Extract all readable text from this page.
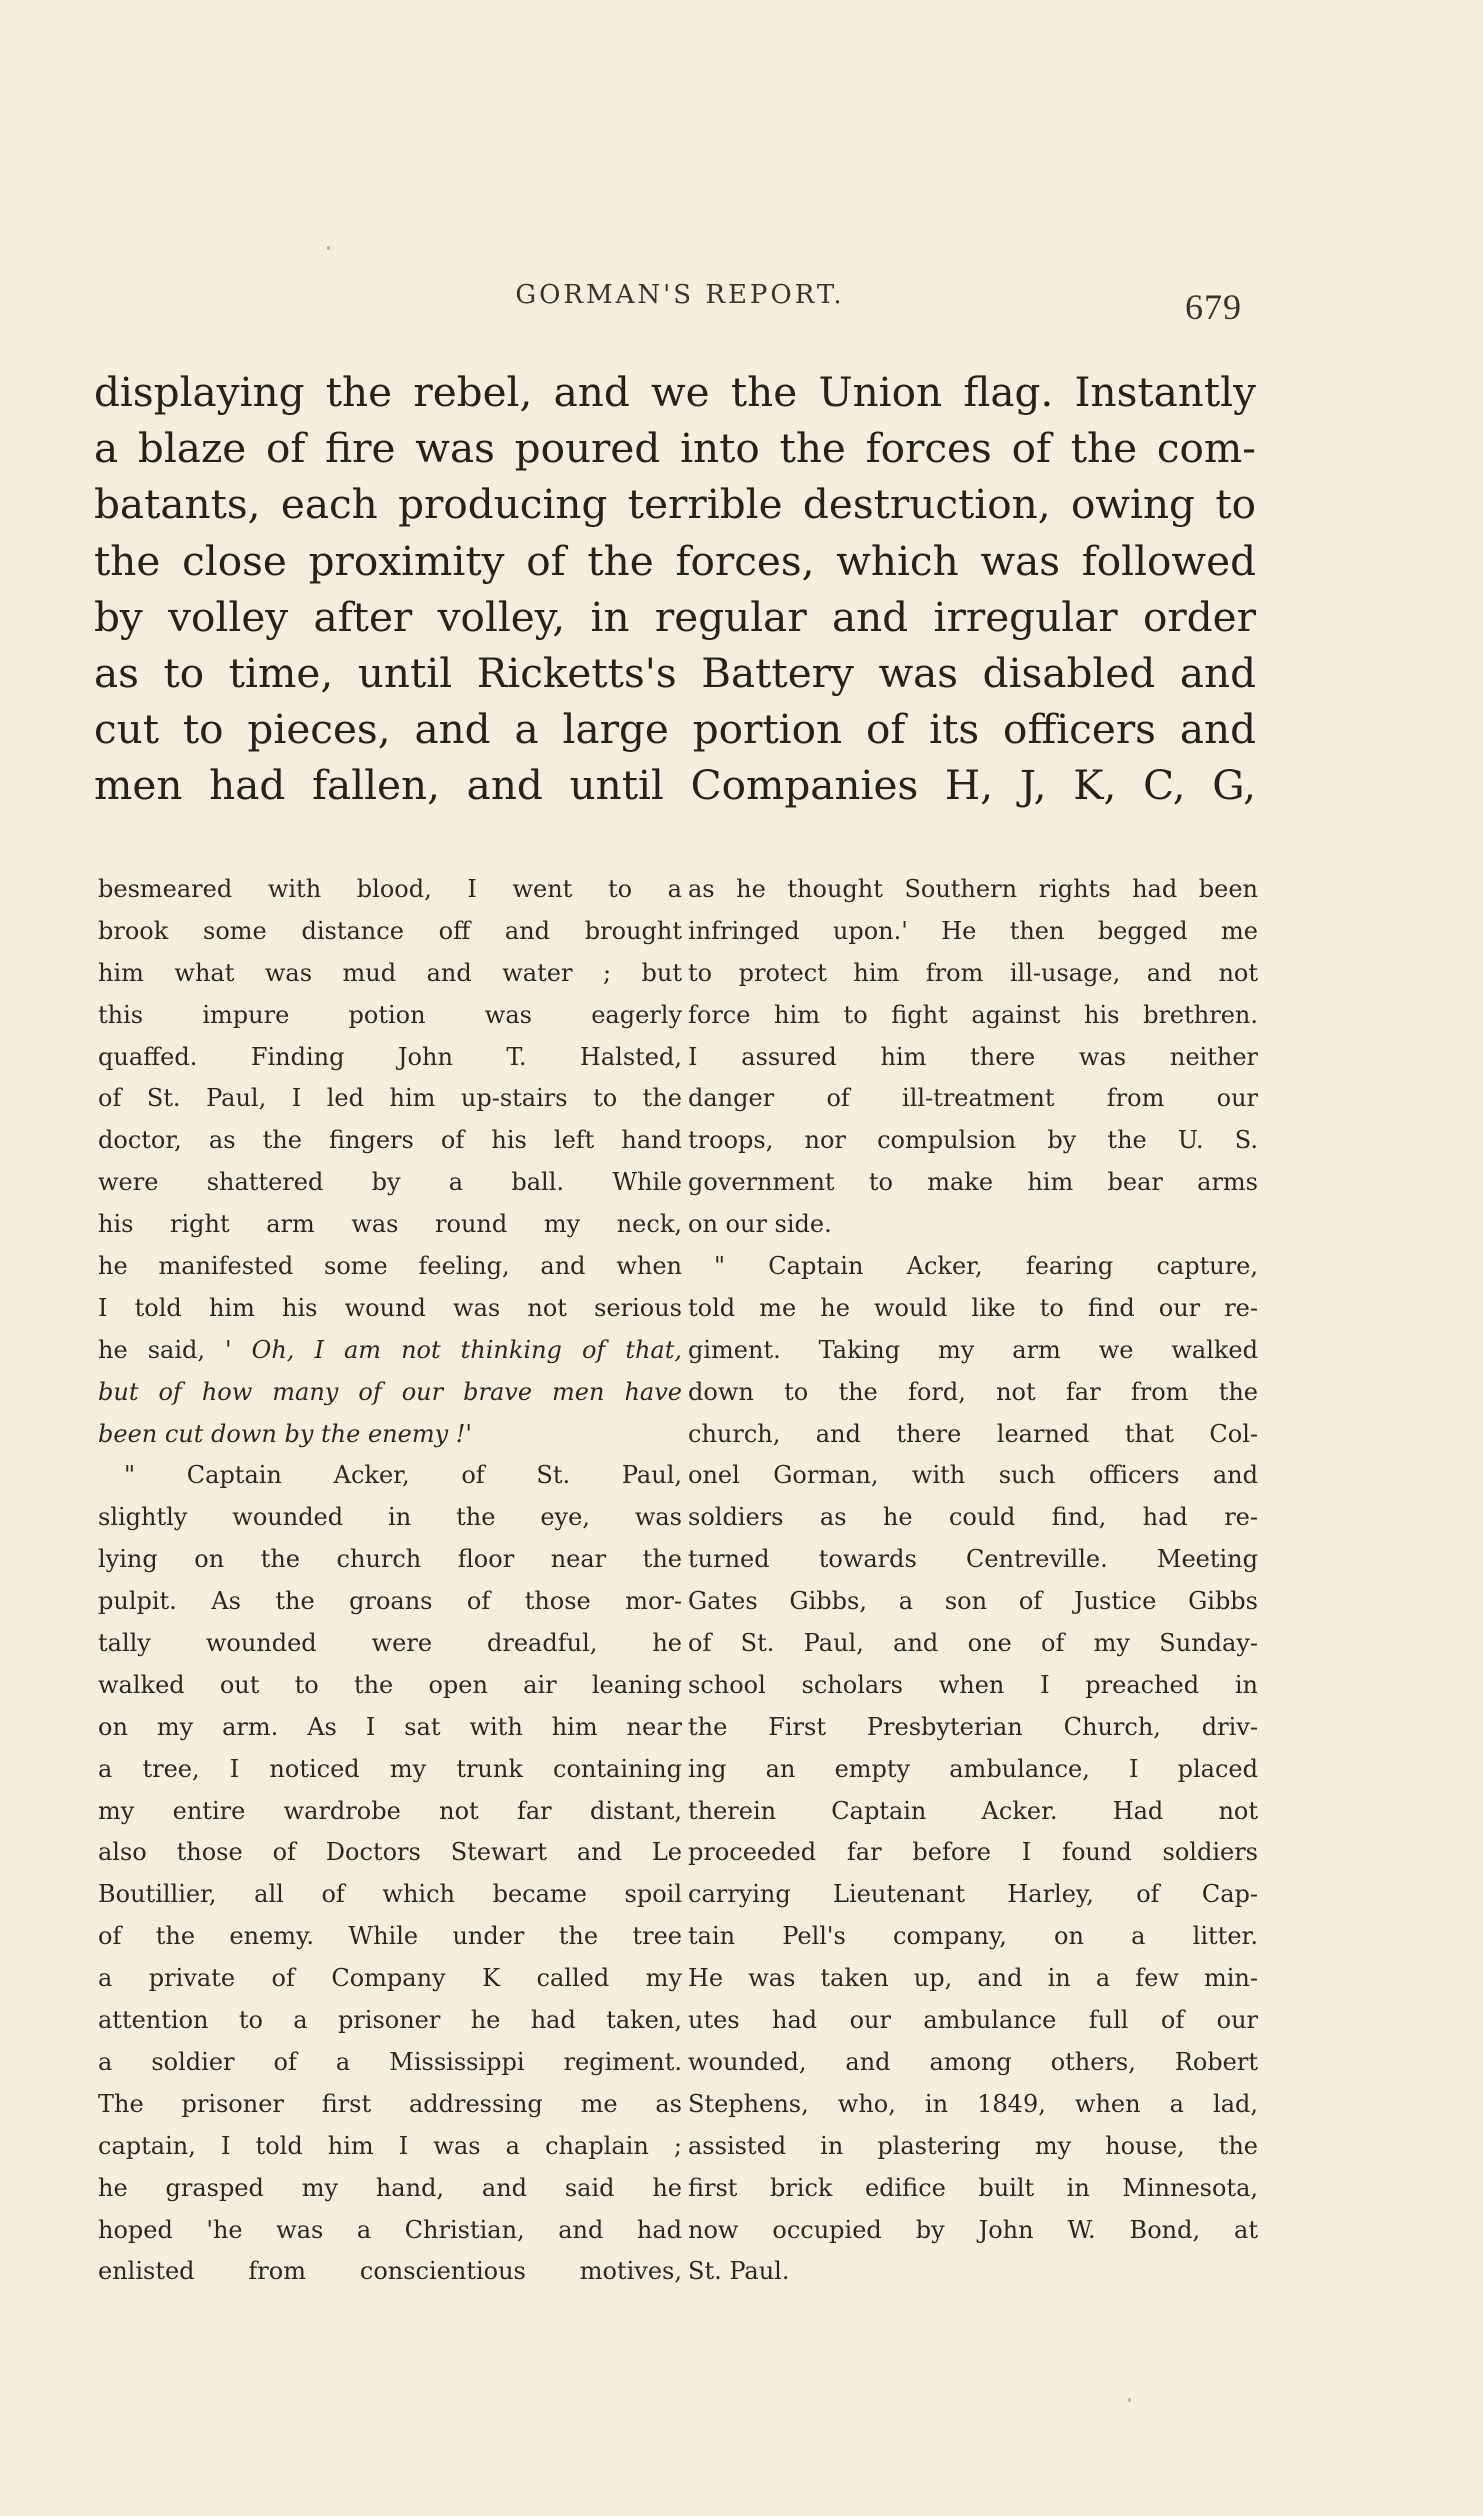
GORMAN'S REPORT.	679
displaying the rebel, and we the Union flag. Instantly
a blaze of fire was poured into the forces of the com-
batants, each producing terrible destruction, owing to
the close proximity of the forces, which was followed
by volley after volley, in regular and irregular order
as to time, until Ricketts's Battery was disabled and
cut to pieces, and a large portion of its officers and
men had fallen, and until Companies H, J, K, C, G,
besmeared with blood, I went to a
brook some distance off and brought
him what was mud and water ; but
this impure potion was eagerly
quaffed. Finding John T. Halsted,
of St. Paul, I led him up-stairs to the
doctor, as the fingers of his left hand
were shattered by a ball. While
his right arm was round my neck,
he manifested some feeling, and when
I told him his wound was not serious
he said, ' Oh, I am not thinking of that,
but of how many of our brave men have
been cut down by the enemy !'
" Captain Acker, of St. Paul,
slightly wounded in the eye, was
lying on the church floor near the
pulpit. As the groans of those mor-
tally wounded were dreadful, he
walked out to the open air leaning
on my arm. As I sat with him near
a tree, I noticed my trunk containing
my entire wardrobe not far distant,
also those of Doctors Stewart and Le
Boutillier, all of which became spoil
of the enemy. While under the tree
a private of Company K called my
attention to a prisoner he had taken,
a soldier of a Mississippi regiment.
The prisoner first addressing me as
captain, I told him I was a chaplain ;
he grasped my hand, and said he
hoped 'he was a Christian, and had
enlisted from conscientious motives,
as he thought Southern rights had been
infringed upon.' He then begged me
to protect him from ill-usage, and not
force him to fight against his brethren.
I assured him there was neither
danger of ill-treatment from our
troops, nor compulsion by the U. S.
government to make him bear arms
on our side.
" Captain Acker, fearing capture,
told me he would like to find our re-
giment. Taking my arm we walked
down to the ford, not far from the
church, and there learned that Col-
onel Gorman, with such officers and
soldiers as he could find, had re-
turned towards Centreville. Meeting
Gates Gibbs, a son of Justice Gibbs
of St. Paul, and one of my Sunday-
school scholars when I preached in
the First Presbyterian Church, driv-
ing an empty ambulance, I placed
therein Captain Acker. Had not
proceeded far before I found soldiers
carrying Lieutenant Harley, of Cap-
tain Pell's company, on a litter.
He was taken up, and in a few min-
utes had our ambulance full of our
wounded, and among others, Robert
Stephens, who, in 1849, when a lad,
assisted in plastering my house, the
first brick edifice built in Minnesota,
now occupied by John W. Bond, at
St. Paul.
